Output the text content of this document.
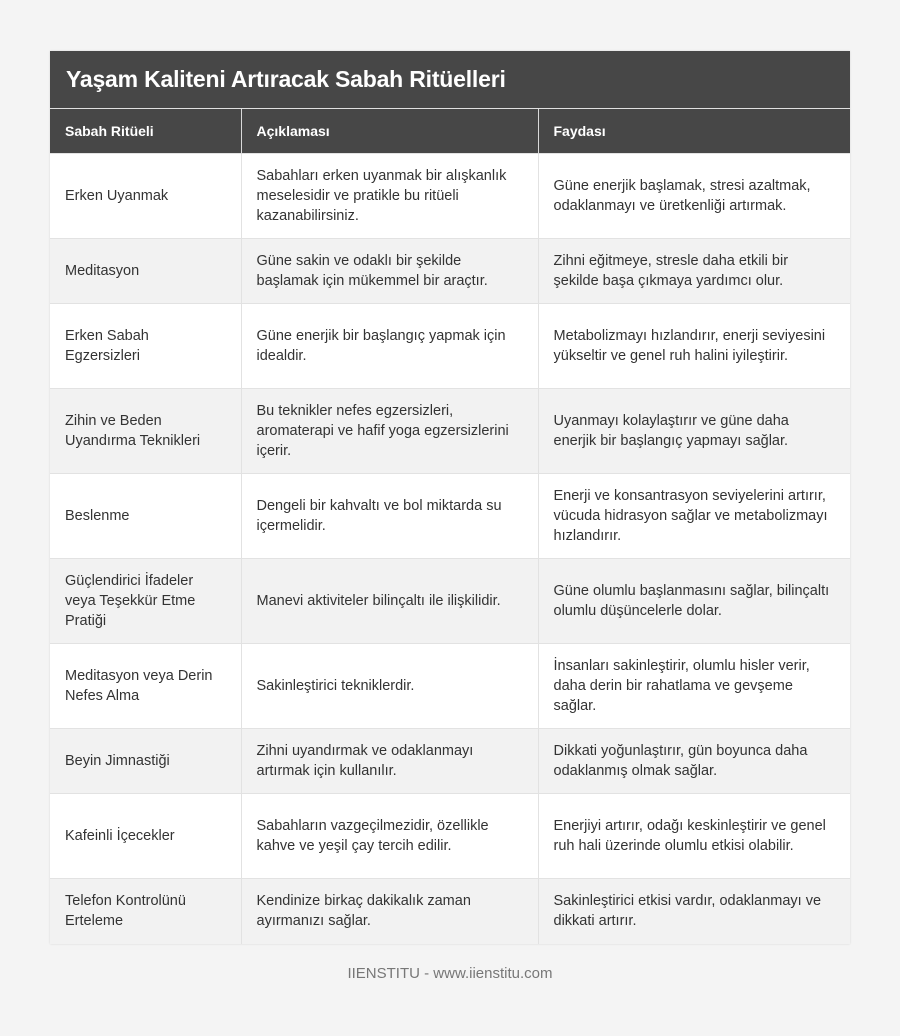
Yaşam Kaliteni Artıracak Sabah Ritüelleri
Sabah Ritüeli	Açıklaması	Faydası
Erken Uyanmak	Sabahları erken uyanmak bir alışkanlık meselesidir ve pratikle bu ritüeli kazanabilirsiniz.	Güne enerjik başlamak, stresi azaltmak, odaklanmayı ve üretkenliği artırmak.
Meditasyon	Güne sakin ve odaklı bir şekilde başlamak için mükemmel bir araçtır.	Zihni eğitmeye, stresle daha etkili bir şekilde başa çıkmaya yardımcı olur.
Erken Sabah Egzersizleri	Güne enerjik bir başlangıç yapmak için idealdir.	Metabolizmayı hızlandırır, enerji seviyesini yükseltir ve genel ruh halini iyileştirir.
Zihin ve Beden Uyandırma Teknikleri	Bu teknikler nefes egzersizleri, aromaterapi ve hafif yoga egzersizlerini içerir.	Uyanmayı kolaylaştırır ve güne daha enerjik bir başlangıç yapmayı sağlar.
Beslenme	Dengeli bir kahvaltı ve bol miktarda su içermelidir.	Enerji ve konsantrasyon seviyelerini artırır, vücuda hidrasyon sağlar ve metabolizmayı hızlandırır.
Güçlendirici İfadeler veya Teşekkür Etme Pratiği	Manevi aktiviteler bilinçaltı ile ilişkilidir.	Güne olumlu başlanmasını sağlar, bilinçaltı olumlu düşüncelerle dolar.
Meditasyon veya Derin Nefes Alma	Sakinleştirici tekniklerdir.	İnsanları sakinleştirir, olumlu hisler verir, daha derin bir rahatlama ve gevşeme sağlar.
Beyin Jimnastiği	Zihni uyandırmak ve odaklanmayı artırmak için kullanılır.	Dikkati yoğunlaştırır, gün boyunca daha odaklanmış olmak sağlar.
Kafeinli İçecekler	Sabahların vazgeçilmezidir, özellikle kahve ve yeşil çay tercih edilir.	Enerjiyi artırır, odağı keskinleştirir ve genel ruh hali üzerinde olumlu etkisi olabilir.
Telefon Kontrolünü Erteleme	Kendinize birkaç dakikalık zaman ayırmanızı sağlar.	Sakinleştirici etkisi vardır, odaklanmayı ve dikkati artırır.
IIENSTITU - www.iienstitu.com
